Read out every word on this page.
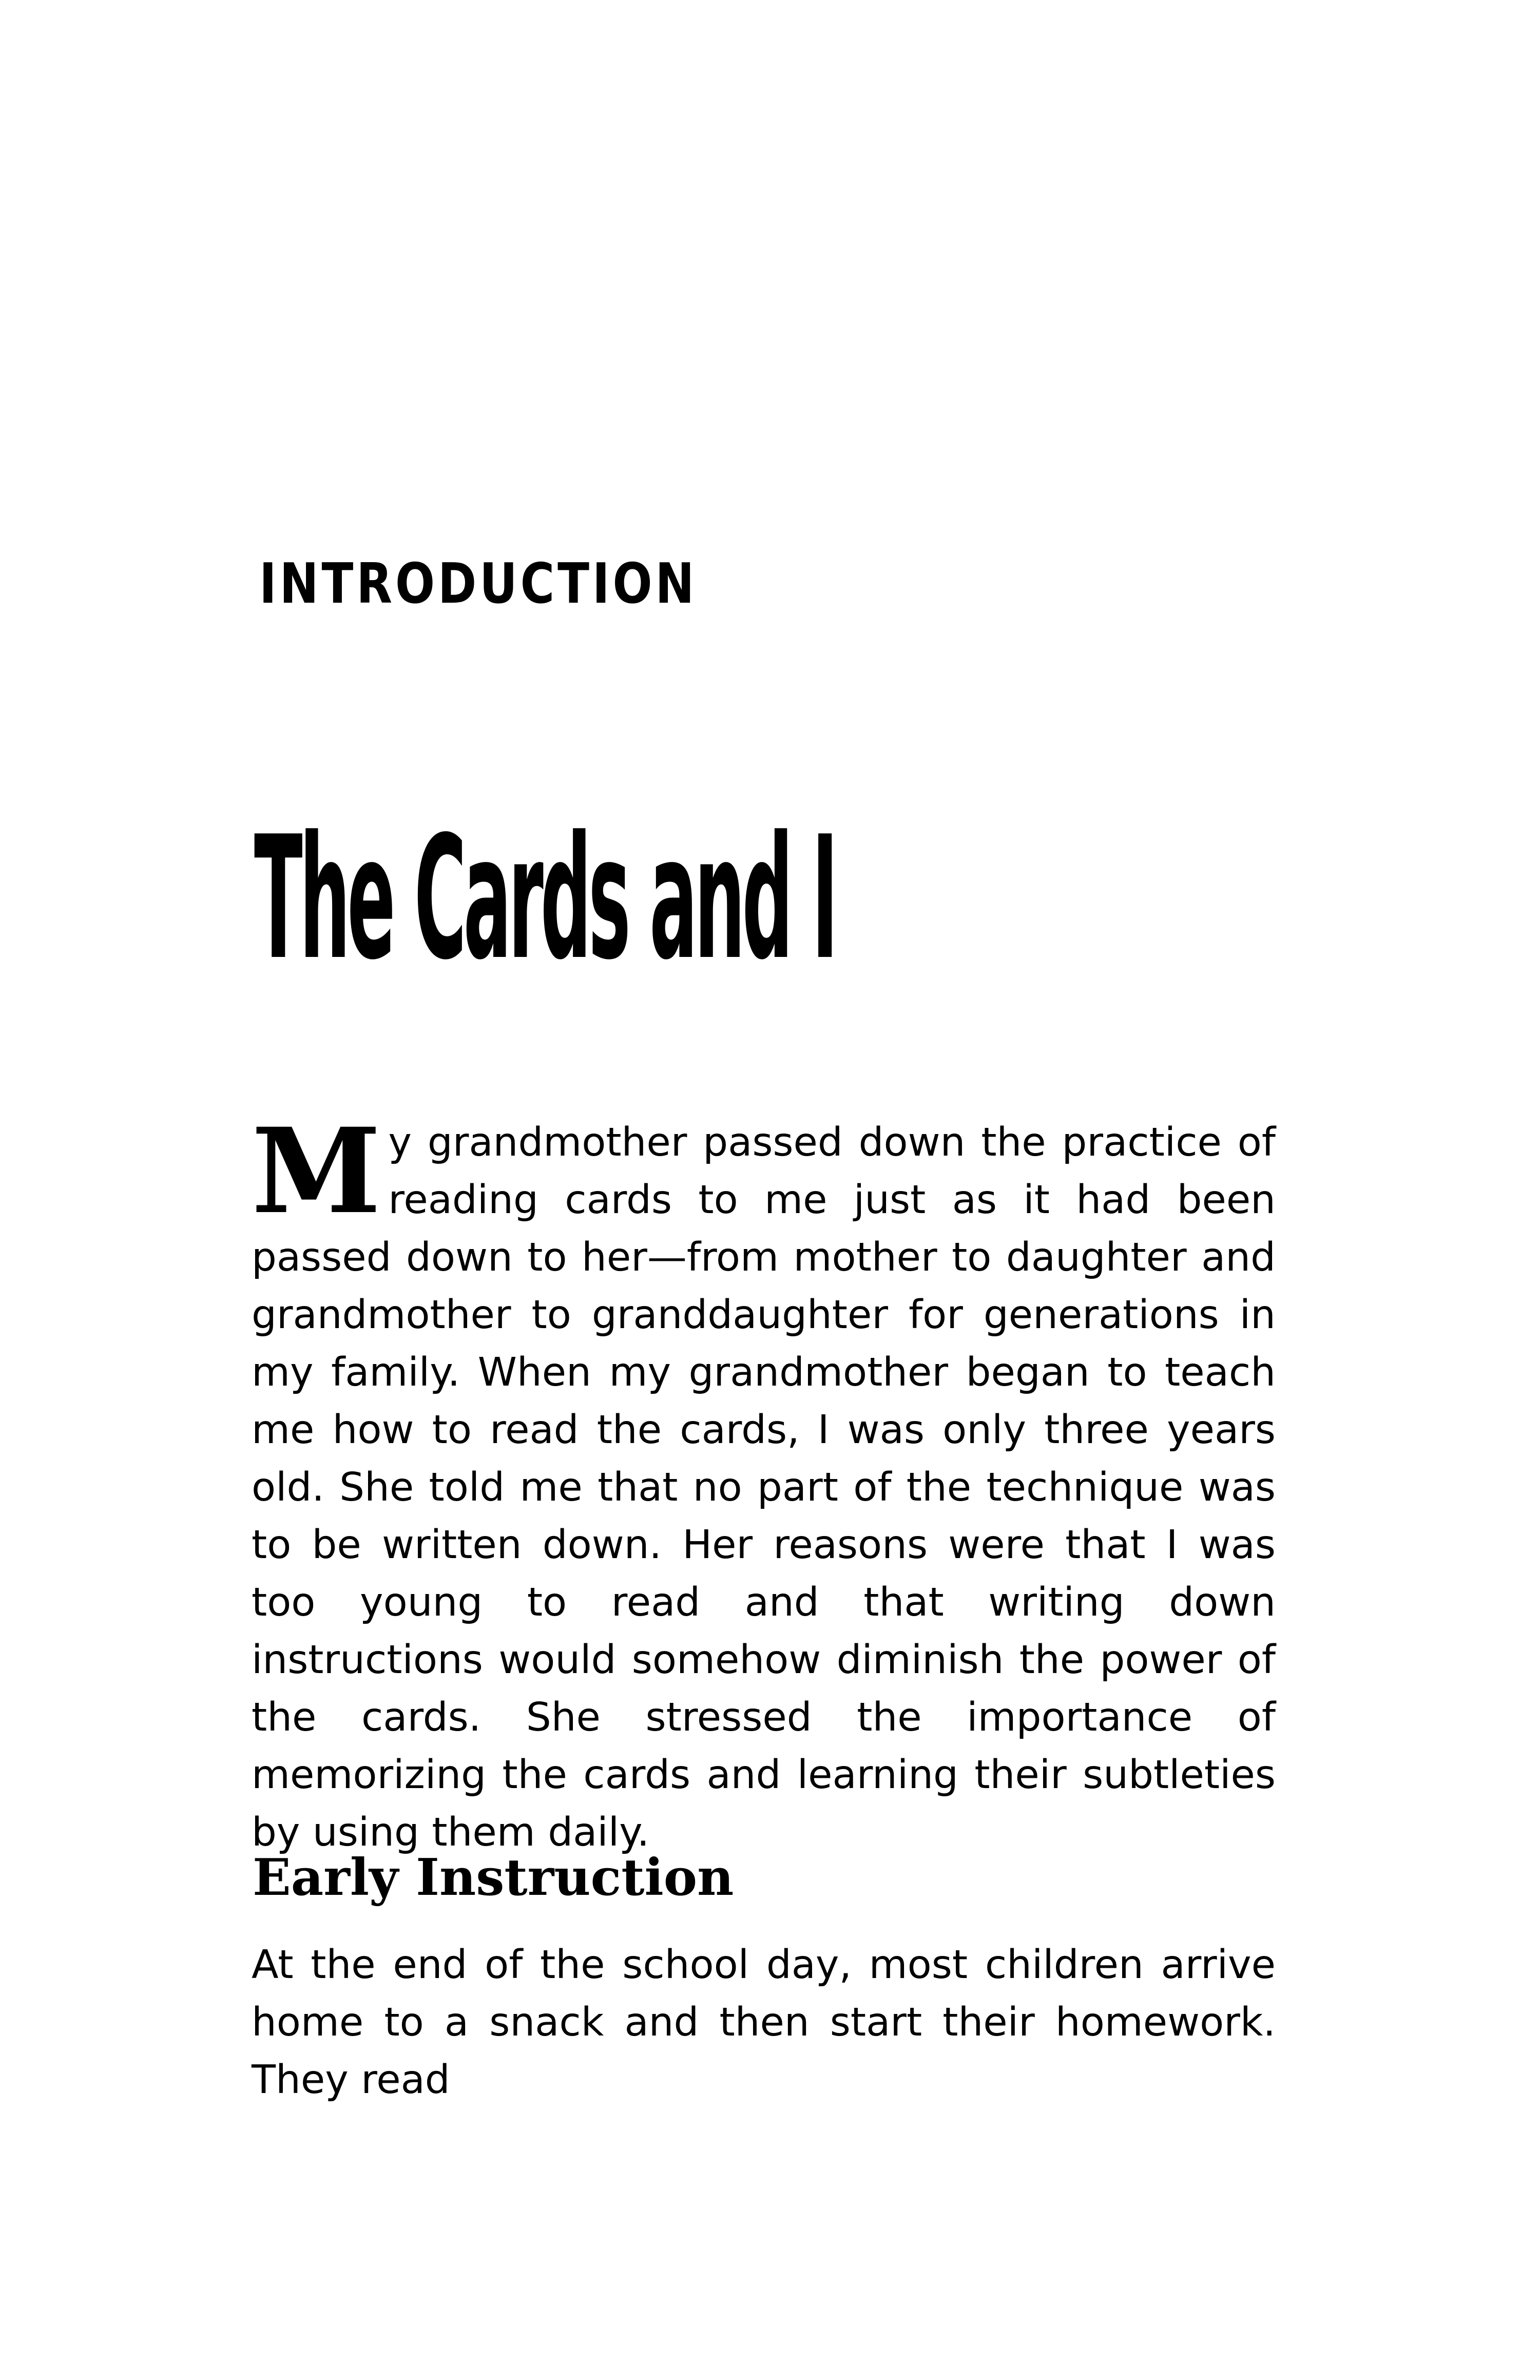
INTRODUCTION
The Cards and I

My grandmother passed down the practice of reading cards to me just as it had been passed down to her—from mother to daughter and grandmother to granddaughter for generations in my family. When my grandmother began to teach me how to read the cards, I was only three years old. She told me that no part of the technique was to be written down. Her reasons were that I was too young to read and that writing down instructions would somehow diminish the power of the cards. She stressed the importance of memorizing the cards and learning their subtleties by using them daily.

Early Instruction

At the end of the school day, most children arrive home to a snack and then start their homework. They read
